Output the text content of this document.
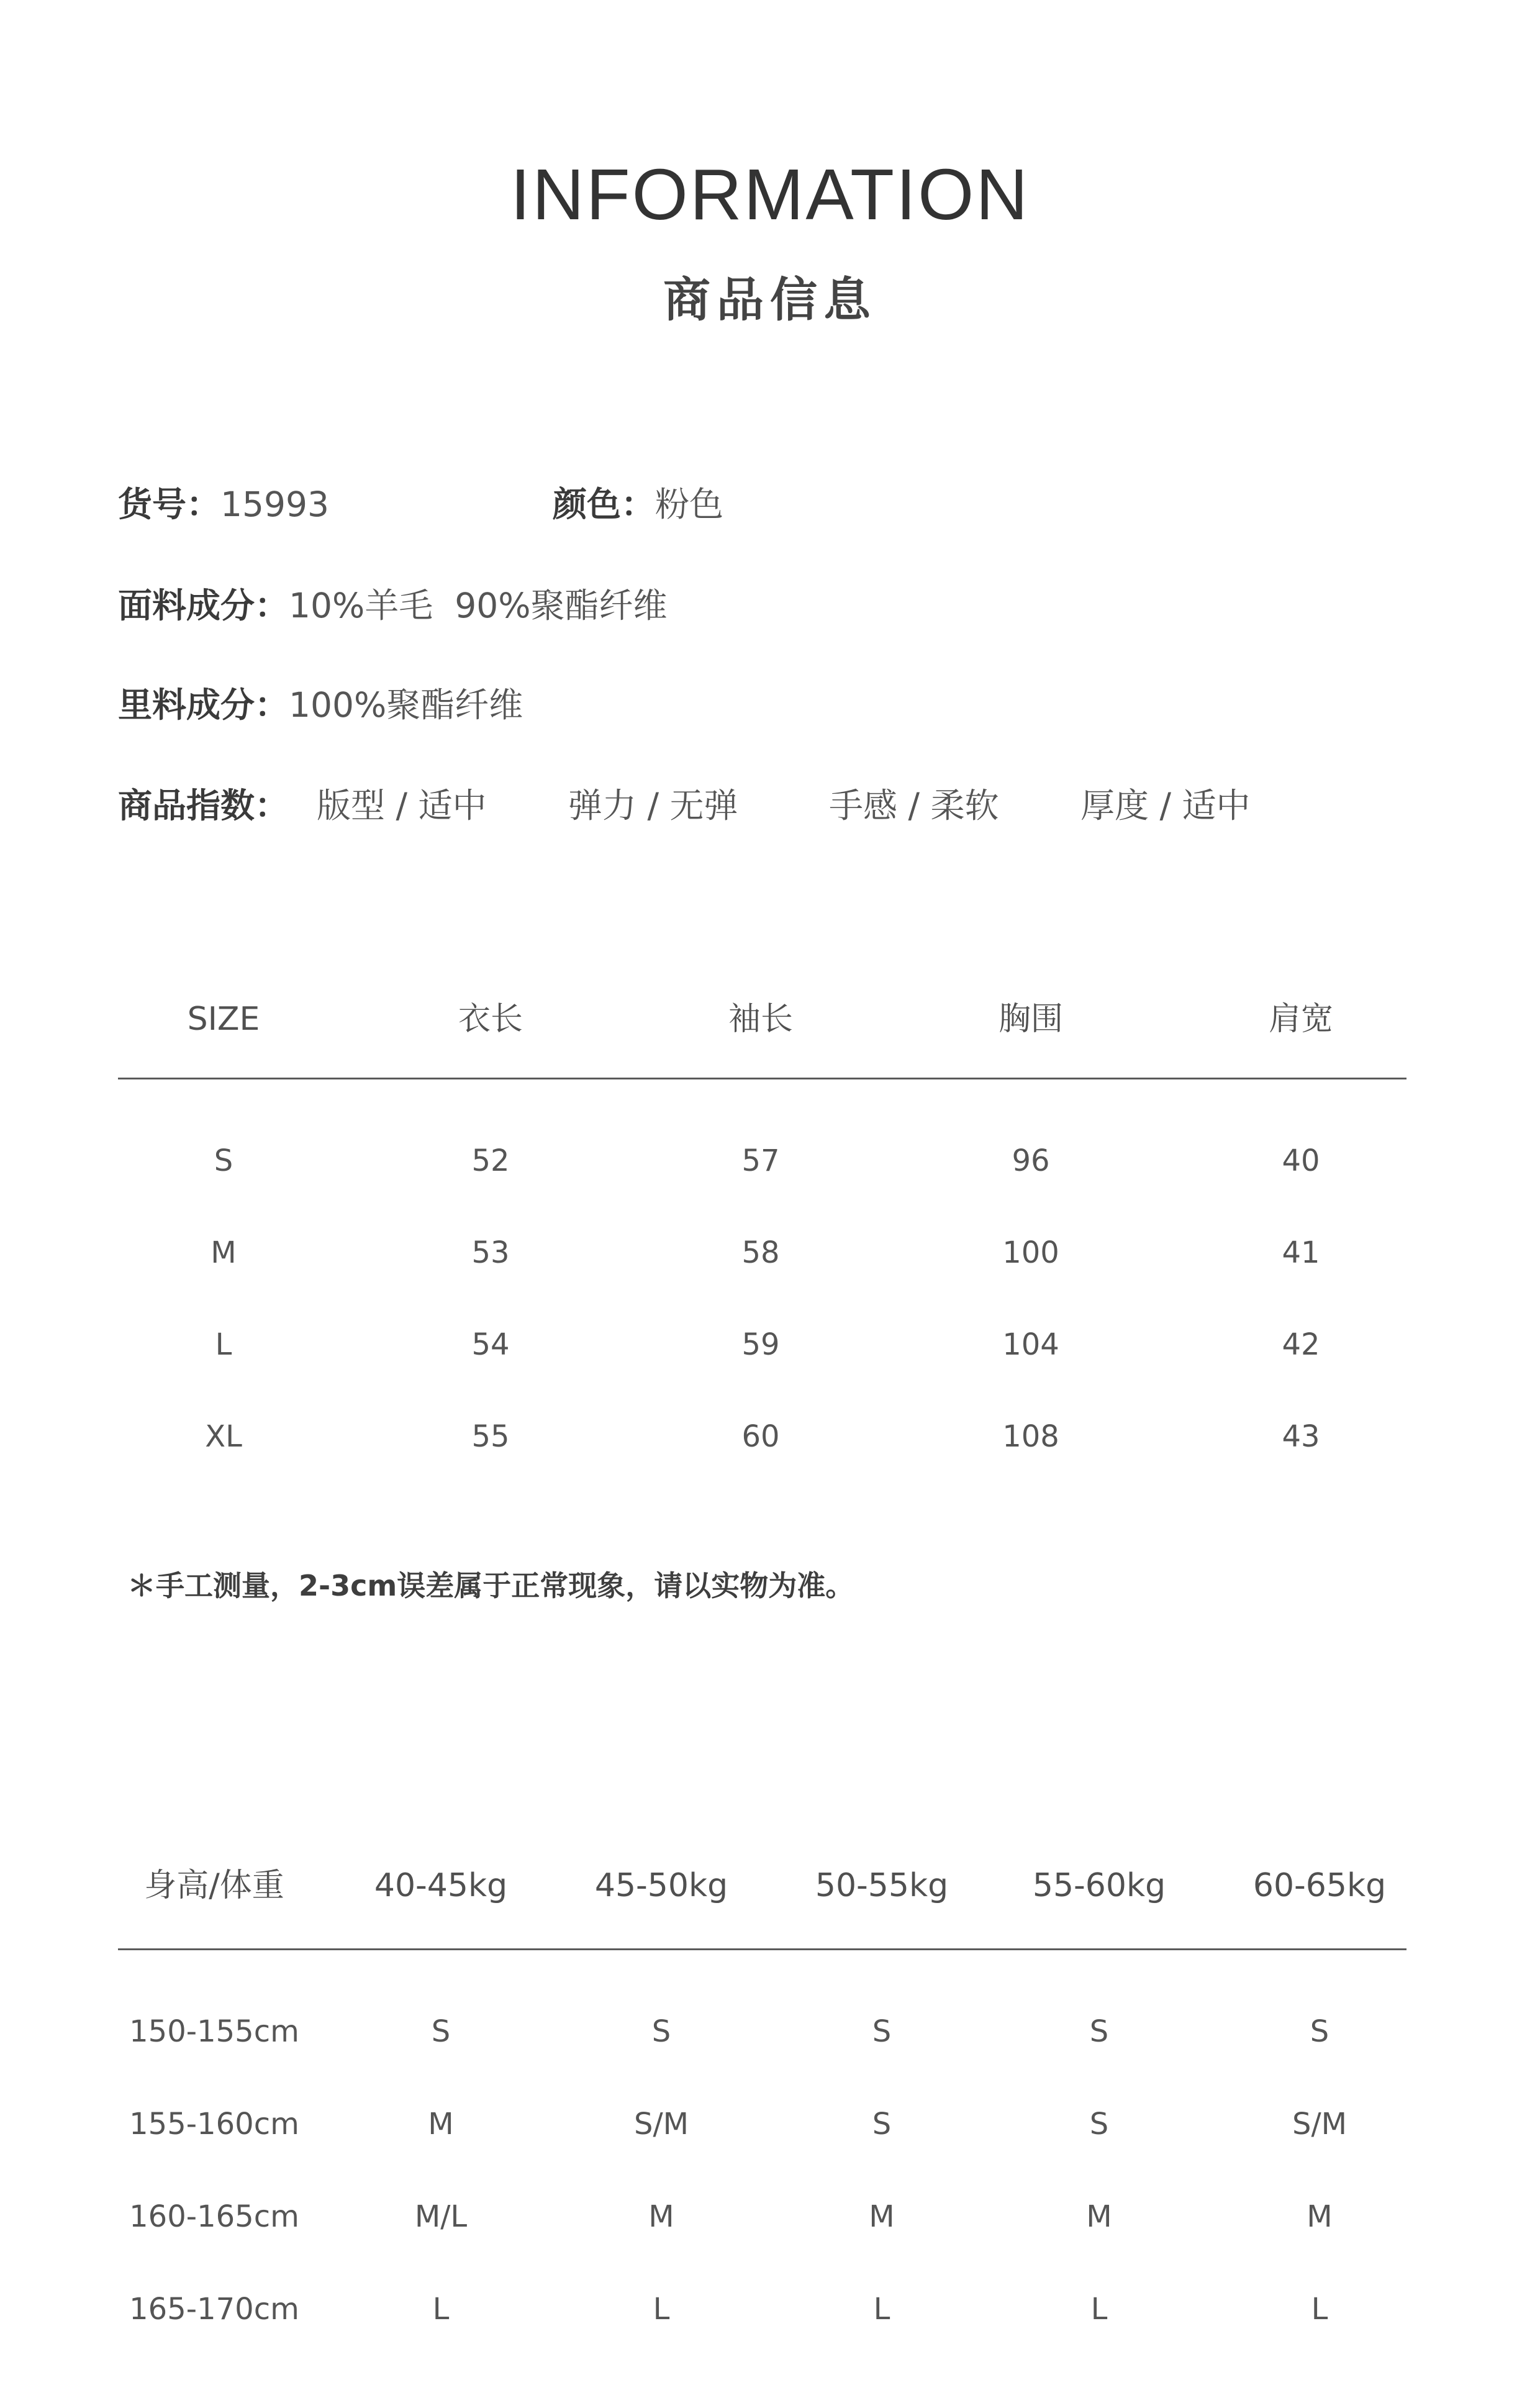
INFORMATION
商品信息
货号：15993	颜色：粉色
面料成分：10%羊毛  90%聚酯纤维
里料成分：100%聚酯纤维
商品指数： 版型 / 适中 弹力 / 无弹	手感 / 柔软 厚度 / 适中
SIZE	衣长	袖长	胸围	肩宽
S	52	57	96	40
M	53	58	100	41
L	54	59	104	42
XL	55	60	108	43
＊手工测量，2-3cm误差属于正常现象，请以实物为准。
身高/体重	40-45kg	45-50kg	50-55kg	55-60kg	60-65kg
150-155cm	S	S	S	S	S
155-160cm	M	S/M	S	S	S/M
160-165cm	M/L	M	M	M	M
165-170cm	L	L	L	L	L
